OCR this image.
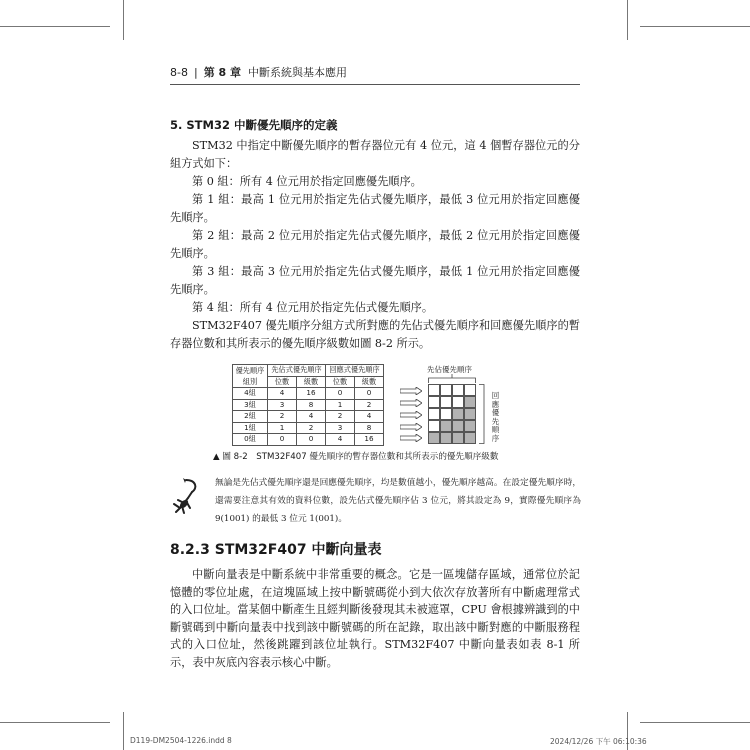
8-8 | 第 8 章 中斷系統與基本應用
5. STM32 中斷優先順序的定義

STM32 中指定中斷優先順序的暫存器位元有 4 位元，這 4 個暫存器位元的分組方式如下：

第 0 組：所有 4 位元用於指定回應優先順序。

第 1 組：最高 1 位元用於指定先佔式優先順序，最低 3 位元用於指定回應優先順序。

第 2 組：最高 2 位元用於指定先佔式優先順序，最低 2 位元用於指定回應優先順序。

第 3 組：最高 3 位元用於指定先佔式優先順序，最低 1 位元用於指定回應優先順序。

第 4 組：所有 4 位元用於指定先佔式優先順序。

STM32F407 優先順序分組方式所對應的先佔式優先順序和回應優先順序的暫存器位數和其所表示的優先順序級數如圖 8-2 所示。

優先順序	先佔式優先順序		回應式優先順序	
組別	位數	級數	位數	級數
4組	4	16	0	0
3組	3	8	1	2
2組	2	4	2	4
1組	1	2	3	8
0組	0	0	4	16
先佔優先順序
回應優先順序
▲ 圖 8-2　STM32F407 優先順序的暫存器位數和其所表示的優先順序級數

無論是先佔式優先順序還是回應優先順序，均是數值越小，優先順序越高。在設定優先順序時，還需要注意其有效的資料位數，設先佔式優先順序佔 3 位元，將其設定為 9，實際優先順序為 9(1001) 的最低 3 位元 1(001)。

8.2.3 STM32F407 中斷向量表

中斷向量表是中斷系統中非常重要的概念。它是一區塊儲存區域，通常位於記憶體的零位址處，在這塊區域上按中斷號碼從小到大依次存放著所有中斷處理常式的入口位址。當某個中斷產生且經判斷後發現其未被遮罩，CPU 會根據辨識到的中斷號碼到中斷向量表中找到該中斷號碼的所在記錄，取出該中斷對應的中斷服務程式的入口位址，然後跳躍到該位址執行。STM32F407 中斷向量表如表 8-1 所示，表中灰底內容表示核心中斷。

D119-DM2504-1226.indd 8	2024/12/26 下午 06:10:36
